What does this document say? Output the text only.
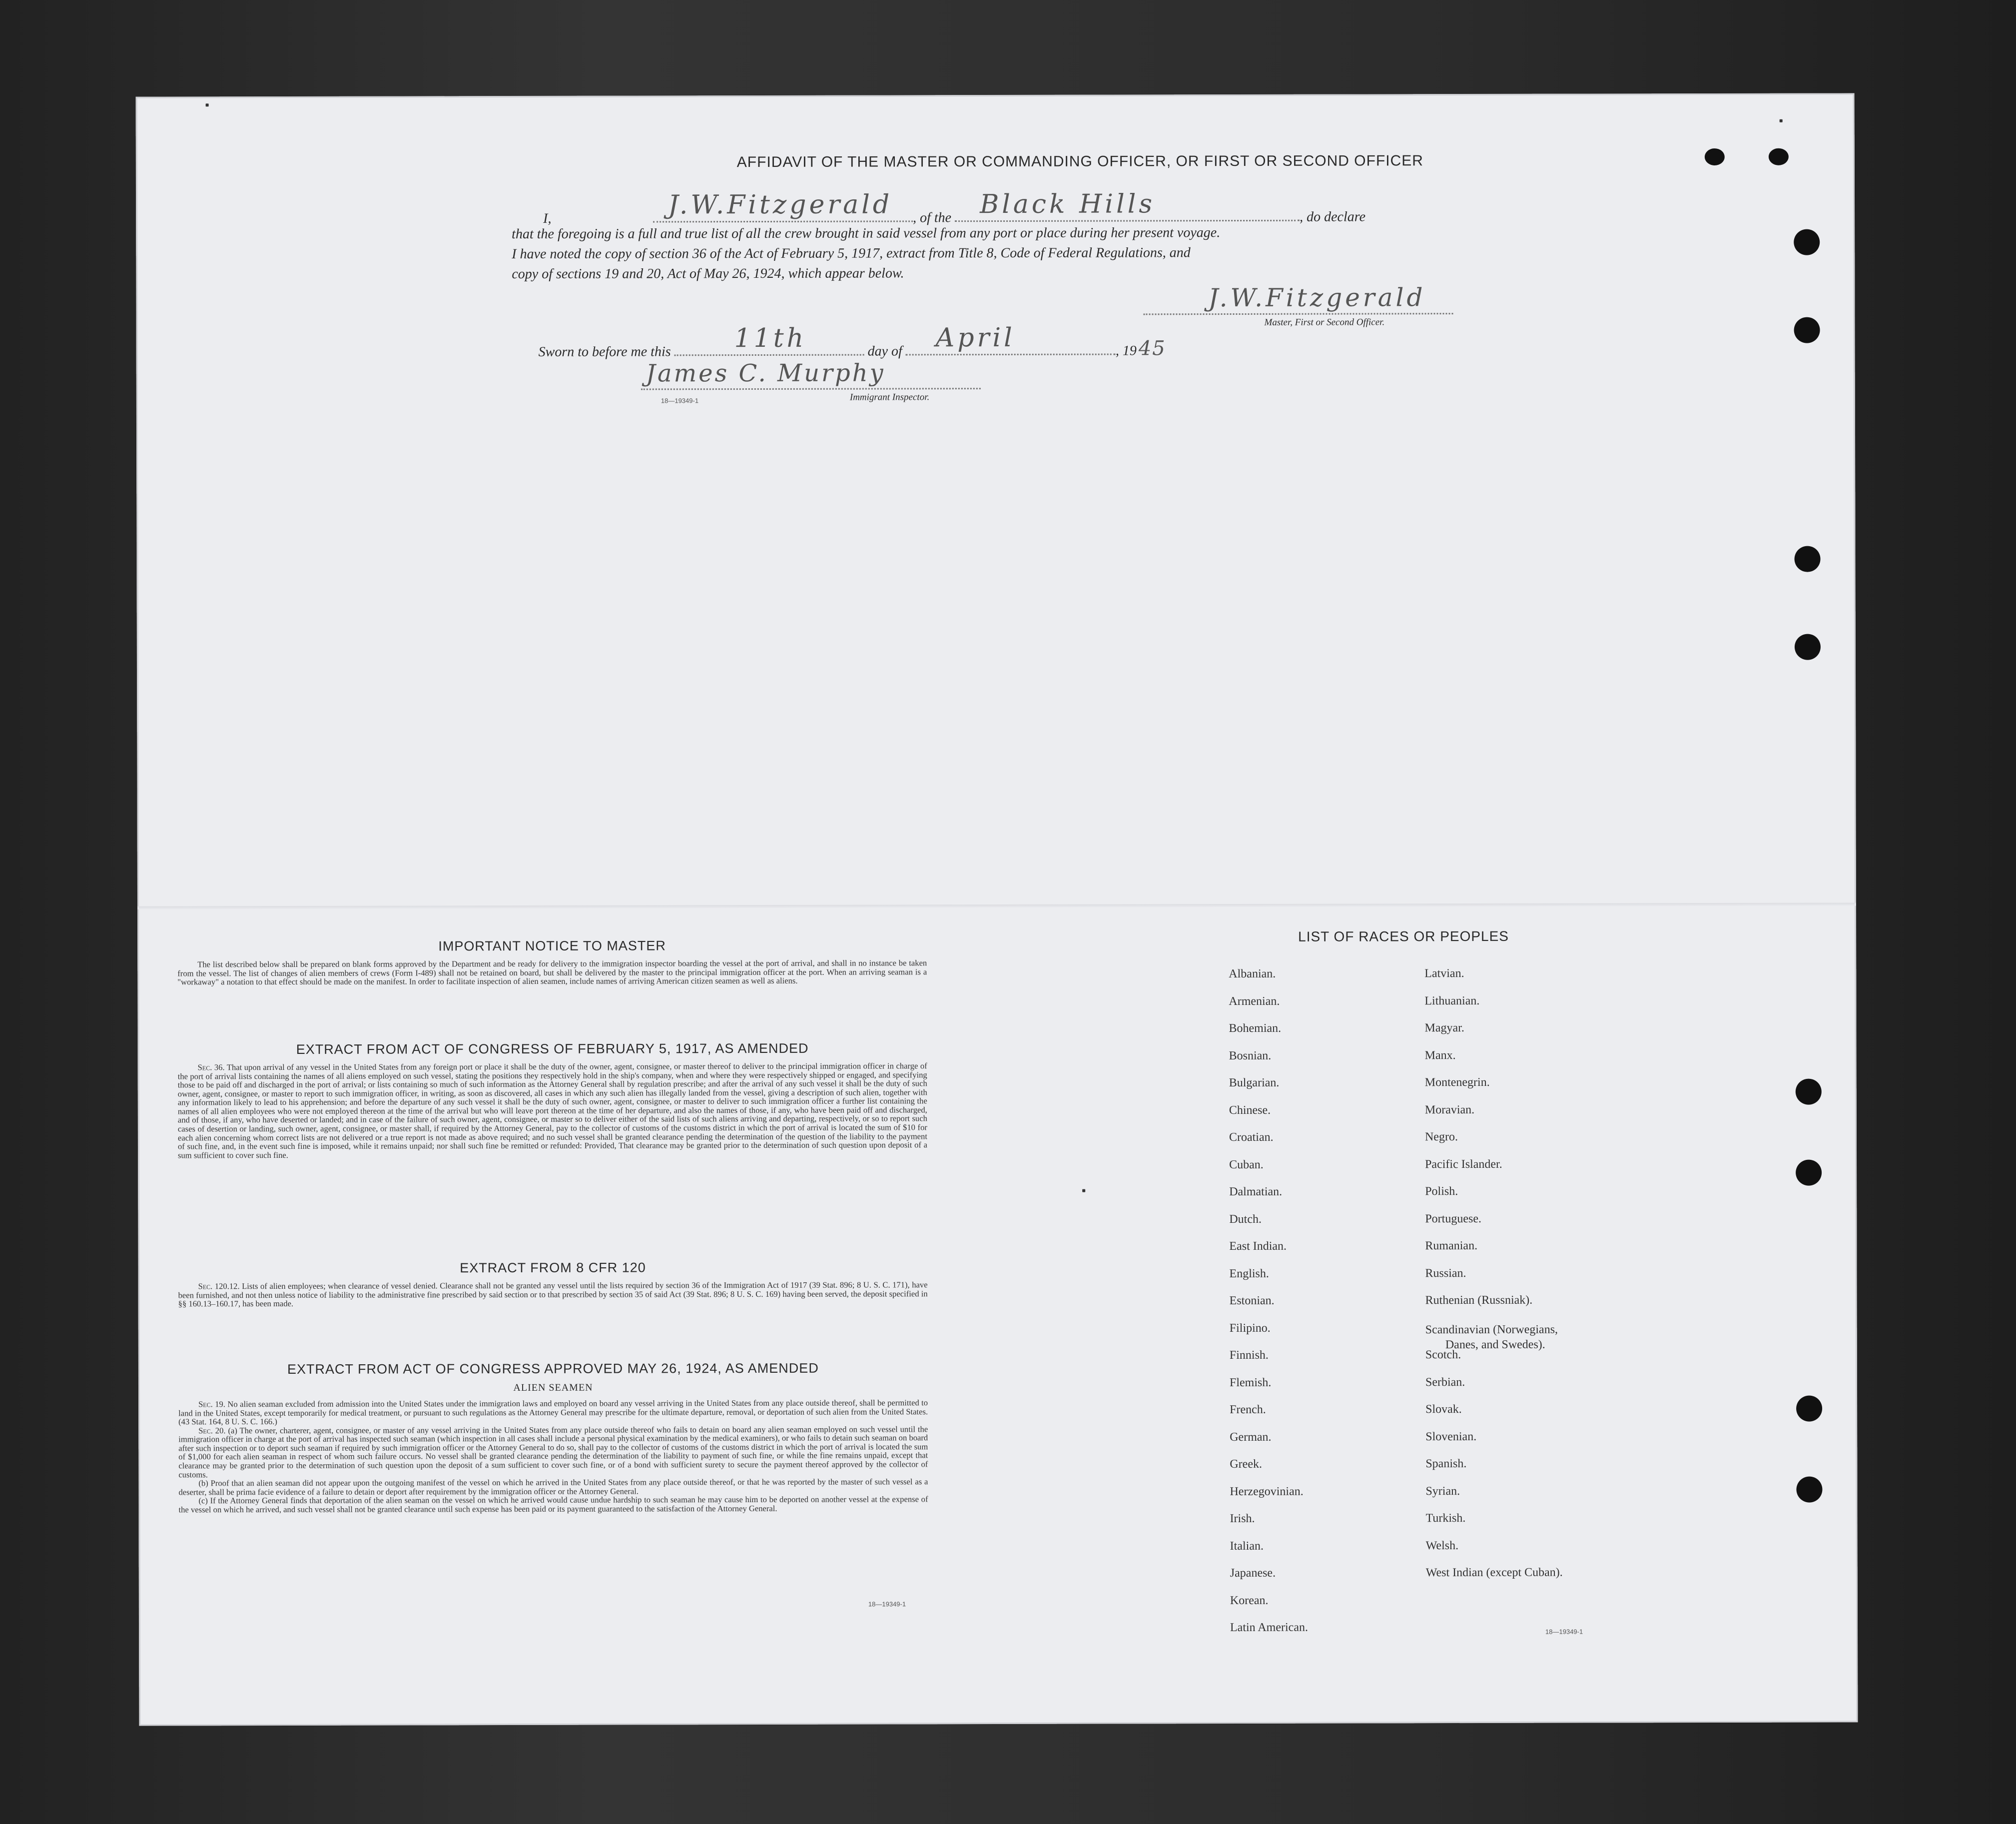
AFFIDAVIT OF THE MASTER OR COMMANDING OFFICER, OR FIRST OR SECOND OFFICER
I,	J.W.Fitzgerald , of the Black Hills	, do declare
that the foregoing is a full and true list of all the crew brought in said vessel from any port or place during her present voyage.
I have noted the copy of section 36 of the Act of February 5, 1917, extract from Title 8, Code of Federal Regulations, and
copy of sections 19 and 20, Act of May 26, 1924, which appear below.
J.W.Fitzgerald
Master, First or Second Officer.
Sworn to before me this 11th	day of April	, 1945
James C. Murphy
18—19349-1	Immigrant Inspector.
IMPORTANT NOTICE TO MASTER
The list described below shall be prepared on blank forms approved by the Department and be ready for delivery to the immigration inspector boarding the vessel at the port of arrival, and shall in no instance be taken from the vessel. The list of changes of alien members of crews (Form I-489) shall not be retained on board, but shall be delivered by the master to the principal immigration officer at the port. When an arriving seaman is a "workaway" a notation to that effect should be made on the manifest. In order to facilitate inspection of alien seamen, include names of arriving American citizen seamen as well as aliens.
EXTRACT FROM ACT OF CONGRESS OF FEBRUARY 5, 1917, AS AMENDED
Sec. 36. That upon arrival of any vessel in the United States from any foreign port or place it shall be the duty of the owner, agent, consignee, or master thereof to deliver to the principal immigration officer in charge of the port of arrival lists containing the names of all aliens employed on such vessel, stating the positions they respectively hold in the ship's company, when and where they were respectively shipped or engaged, and specifying those to be paid off and discharged in the port of arrival; or lists containing so much of such information as the Attorney General shall by regulation prescribe; and after the arrival of any such vessel it shall be the duty of such owner, agent, consignee, or master to report to such immigration officer, in writing, as soon as discovered, all cases in which any such alien has illegally landed from the vessel, giving a description of such alien, together with any information likely to lead to his apprehension; and before the departure of any such vessel it shall be the duty of such owner, agent, consignee, or master to deliver to such immigration officer a further list containing the names of all alien employees who were not employed thereon at the time of the arrival but who will leave port thereon at the time of her departure, and also the names of those, if any, who have been paid off and discharged, and of those, if any, who have deserted or landed; and in case of the failure of such owner, agent, consignee, or master so to deliver either of the said lists of such aliens arriving and departing, respectively, or so to report such cases of desertion or landing, such owner, agent, consignee, or master shall, if required by the Attorney General, pay to the collector of customs of the customs district in which the port of arrival is located the sum of $10 for each alien concerning whom correct lists are not delivered or a true report is not made as above required; and no such vessel shall be granted clearance pending the determination of the question of the liability to the payment of such fine, and, in the event such fine is imposed, while it remains unpaid; nor shall such fine be remitted or refunded: Provided, That clearance may be granted prior to the determination of such question upon deposit of a sum sufficient to cover such fine.
EXTRACT FROM 8 CFR 120
Sec. 120.12. Lists of alien employees; when clearance of vessel denied. Clearance shall not be granted any vessel until the lists required by section 36 of the Immigration Act of 1917 (39 Stat. 896; 8 U. S. C. 171), have been furnished, and not then unless notice of liability to the administrative fine prescribed by said section or to that prescribed by section 35 of said Act (39 Stat. 896; 8 U. S. C. 169) having been served, the deposit specified in §§ 160.13–160.17, has been made.
EXTRACT FROM ACT OF CONGRESS APPROVED MAY 26, 1924, AS AMENDED
ALIEN SEAMEN
Sec. 19. No alien seaman excluded from admission into the United States under the immigration laws and employed on board any vessel arriving in the United States from any place outside thereof, shall be permitted to land in the United States, except temporarily for medical treatment, or pursuant to such regulations as the Attorney General may prescribe for the ultimate departure, removal, or deportation of such alien from the United States. (43 Stat. 164, 8 U. S. C. 166.)
Sec. 20. (a) The owner, charterer, agent, consignee, or master of any vessel arriving in the United States from any place outside thereof who fails to detain on board any alien seaman employed on such vessel until the immigration officer in charge at the port of arrival has inspected such seaman (which inspection in all cases shall include a personal physical examination by the medical examiners), or who fails to detain such seaman on board after such inspection or to deport such seaman if required by such immigration officer or the Attorney General to do so, shall pay to the collector of customs of the customs district in which the port of arrival is located the sum of $1,000 for each alien seaman in respect of whom such failure occurs. No vessel shall be granted clearance pending the determination of the liability to payment of such fine, or while the fine remains unpaid, except that clearance may be granted prior to the determination of such question upon the deposit of a sum sufficient to cover such fine, or of a bond with sufficient surety to secure the payment thereof approved by the collector of customs.
(b) Proof that an alien seaman did not appear upon the outgoing manifest of the vessel on which he arrived in the United States from any place outside thereof, or that he was reported by the master of such vessel as a deserter, shall be prima facie evidence of a failure to detain or deport after requirement by the immigration officer or the Attorney General.
(c) If the Attorney General finds that deportation of the alien seaman on the vessel on which he arrived would cause undue hardship to such seaman he may cause him to be deported on another vessel at the expense of the vessel on which he arrived, and such vessel shall not be granted clearance until such expense has been paid or its payment guaranteed to the satisfaction of the Attorney General.
18—19349-1
LIST OF RACES OR PEOPLES
Albanian.
Armenian.
Bohemian.
Bosnian.
Bulgarian.
Chinese.
Croatian.
Cuban.
Dalmatian.
Dutch.
East Indian.
English.
Estonian.
Filipino.
Finnish.
Flemish.
French.
German.
Greek.
Herzegovinian.
Irish.
Italian.
Japanese.
Korean.
Latin American.
Latvian.
Lithuanian.
Magyar.
Manx.
Montenegrin.
Moravian.
Negro.
Pacific Islander.
Polish.
Portuguese.
Rumanian.
Russian.
Ruthenian (Russniak).
Scandinavian (Norwegians,
Danes, and Swedes).
Scotch.
Serbian.
Slovak.
Slovenian.
Spanish.
Syrian.
Turkish.
Welsh.
West Indian (except Cuban).
18—19349-1
